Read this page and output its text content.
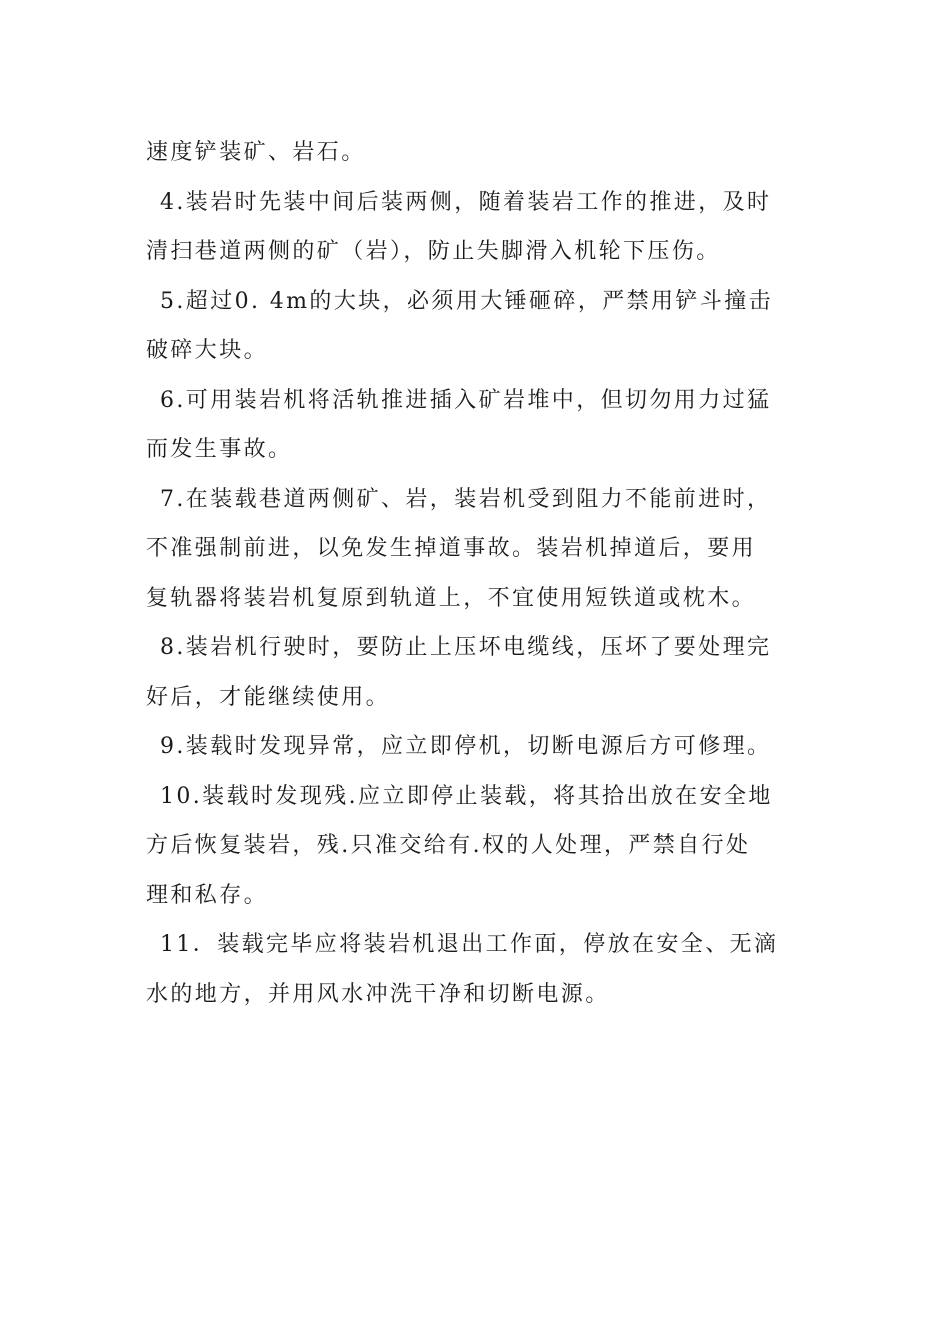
速度铲装矿、岩石。

4.装岩时先装中间后装两侧，随着装岩工作的推进，及时
清扫巷道两侧的矿（岩），防止失脚滑入机轮下压伤。

5.超过0. 4m的大块，必须用大锤砸碎，严禁用铲斗撞击
破碎大块。

6.可用装岩机将活轨推进插入矿岩堆中，但切勿用力过猛
而发生事故。

7.在装载巷道两侧矿、岩，装岩机受到阻力不能前进时，
不准强制前进，以免发生掉道事故。装岩机掉道后，要用
复轨器将装岩机复原到轨道上，不宜使用短铁道或枕木。

8.装岩机行驶时，要防止上压坏电缆线，压坏了要处理完
好后，才能继续使用。

9.装载时发现异常，应立即停机，切断电源后方可修理。

10.装载时发现残.应立即停止装载，将其拾出放在安全地
方后恢复装岩，残.只准交给有.权的人处理，严禁自行处
理和私存。

11．装载完毕应将装岩机退出工作面，停放在安全、无滴
水的地方，并用风水冲洗干净和切断电源。
